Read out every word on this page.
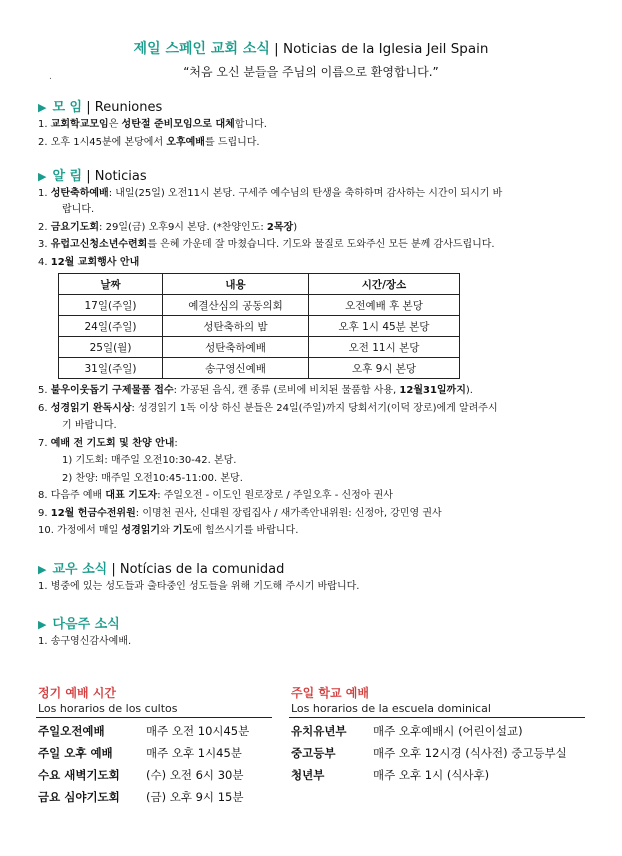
제일 스페인 교회 소식 | Noticias de la Iglesia Jeil Spain
“처음 오신 분들을 주님의 이름으로 환영합니다.”
.
▶ 모 임 | Reuniones
1. 교회학교모임은 성탄절 준비모임으로 대체합니다.
2. 오후 1시45분에 본당에서 오후예배를 드립니다.
▶ 알 림 | Noticias
1. 성탄축하예배: 내일(25일) 오전11시 본당. 구세주 예수님의 탄생을 축하하며 감사하는 시간이 되시기 바
랍니다.
2. 금요기도회: 29일(금) 오후9시 본당. (*찬양인도: 2목장)
3. 유럽고신청소년수련회를 은혜 가운데 잘 마쳤습니다. 기도와 물질로 도와주신 모든 분께 감사드립니다.
4. 12월 교회행사 안내
날짜	내용	시간/장소
17일(주일)	예결산심의 공동의회	오전예배 후 본당
24일(주일)	성탄축하의 밤	오후 1시 45분 본당
25일(월)	성탄축하예배	오전 11시 본당
31일(주일)	송구영신예배	오후 9시 본당
5. 불우이웃돕기 구제물품 접수: 가공된 음식, 캔 종류 (로비에 비치된 물품함 사용, 12월31일까지).
6. 성경읽기 완독시상: 성경읽기 1독 이상 하신 분들은 24일(주일)까지 당회서기(이덕 장로)에게 알려주시
기 바랍니다.
7. 예배 전 기도회 및 찬양 안내:
1) 기도회: 매주일 오전10:30-42. 본당.
2) 찬양: 매주일 오전10:45-11:00. 본당.
8. 다음주 예배 대표 기도자: 주일오전 - 이도인 원로장로 / 주일오후 - 신정아 권사
9. 12월 헌금수전위원: 이명천 권사, 신대원 장립집사 / 새가족안내위원: 신정아, 강민영 권사
10. 가정에서 매일 성경읽기와 기도에 힘쓰시기를 바랍니다.
▶ 교우 소식 | Notícias de la comunidad
1. 병중에 있는 성도들과 출타중인 성도들을 위해 기도해 주시기 바랍니다.
▶ 다음주 소식
1. 송구영신감사예배.
정기 예배 시간
Los horarios de los cultos
주일오전예배	매주 오전 10시45분
주일 오후 예배	매주 오후 1시45분
수요 새벽기도회 (수) 오전 6시 30분
금요 심야기도회 (금) 오후 9시 15분
주일 학교 예배
Los horarios de la escuela dominical
유치유년부 매주 오후예배시 (어린이설교)
중고등부	매주 오후 12시경 (식사전) 중고등부실
청년부	매주 오후 1시 (식사후)
